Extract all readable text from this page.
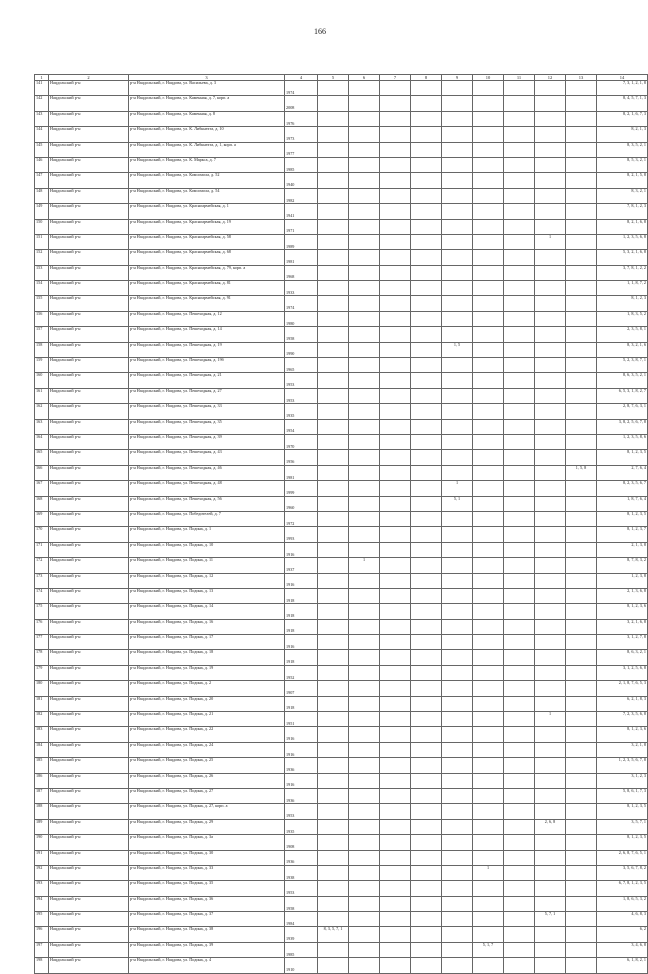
166
1	2	3	4	5	6	7	8	9	10	11	12	13	14
141	Нацдольский р-н	р-н Нацдольский, г. Нацдова, ул. Васильева, д. 3	1974										7, 3, 1, 2, 1, 8
142	Нацдольский р-н	р-н Нацдольский, г. Нацдова, ул. Каменная, д. 7, корп. а	2008										8, 4, 5, 7, 1, 3
143	Нацдольский р-н	р-н Нацдольский, г. Нацдова, ул. Каменная, д. 8	1976										8, 2, 1, 6, 7, 3
144	Нацдольский р-н	р-н Нацдольский, г. Нацдова, ул. К. Либкнехта, д. 10	1973										8, 2, 1, 3
145	Нацдольский р-н	р-н Нацдольский, г. Нацдова, ул. К. Либкнехта, д. 1, корп. а	1977										8, 3, 5, 2, 1
146	Нацдольский р-н	р-н Нацдольский, г. Нацдова, ул. К. Маркса, д. 7	1985										8, 5, 3, 2, 1
147	Нацдольский р-н	р-н Нацдольский, г. Нацдова, ул. Комсомола, д. 52	1940										8, 2, 1, 5, 8
148	Нацдольский р-н	р-н Нацдольский, г. Нацдова, ул. Комсомола, д. 54	1982										8, 3, 2, 1
149	Нацдольский р-н	р-н Нацдольский, г. Нацдова, ул. Красноармейская, д. 1	1941										7, 8, 1, 2, 3
150	Нацдольский р-н	р-н Нацдольский, г. Нацдова, ул. Красноармейская, д. 19	1971										8, 2, 1, 6, 8
151	Нацдольский р-н	р-н Нацдольский, г. Нацдова, ул. Красноармейская, д. 58	1989								1		1, 2, 3, 5, 6, 8
152	Нацдольский р-н	р-н Нацдольский, г. Нацдова, ул. Красноармейская, д. 68	1981										5, 3, 2, 1, 6, 8
153	Нацдольский р-н	р-н Нацдольский, г. Нацдова, ул. Красноармейская, д. 79, корп. а	1968										3, 7, 8, 1, 2, 2
154	Нацдольский р-н	р-н Нацдольский, г. Нацдова, ул. Красноармейская, д. 81	1933										1, 1, 8, 7, 2
155	Нацдольский р-н	р-н Нацдольский, г. Нацдова, ул. Красноармейская, д. 91	1974										8, 1, 2, 3
156	Нацдольский р-н	р-н Нацдольский, г. Нацдова, ул. Пешеходная, д. 12	1980										1, 8, 3, 5, 2
157	Нацдольский р-н	р-н Нацдольский, г. Нацдова, ул. Пешеходная, д. 14	1958										2, 3, 5, 8, 1
158	Нацдольский р-н	р-н Нацдольский, г. Нацдова, ул. Пешеходная, д. 19	1990					1, 5					8, 3, 2, 1, 6
159	Нацдольский р-н	р-н Нацдольский, г. Нацдова, ул. Пешеходная, д. 19б	1965										5, 2, 3, 8, 7, 1
160	Нацдольский р-н	р-н Нацдольский, г. Нацдова, ул. Пешеходная, д. 21	1953										8, 6, 3, 5, 2, 1
161	Нацдольский р-н	р-н Нацдольский, г. Нацдова, ул. Пешеходная, д. 27	1953										6, 5, 3, 1, 8, 2, 7
162	Нацдольский р-н	р-н Нацдольский, г. Нацдова, ул. Пешеходная, д. 33	1935										2, 8, 7, 6, 3, 1
163	Нацдольский р-н	р-н Нацдольский, г. Нацдова, ул. Пешеходная, д. 35	1954										3, 8, 2, 5, 6, 7, 8
164	Нацдольский р-н	р-н Нацдольский, г. Нацдова, ул. Пешеходная, д. 39	1970										1, 2, 3, 5, 8, 6
165	Нацдольский р-н	р-н Нацдольский, г. Нацдова, ул. Пешеходная, д. 43	1956										8, 1, 2, 3, 5
166	Нацдольский р-н	р-н Нацдольский, г. Нацдова, ул. Пешеходная, д. 46	1981									1, 5, 8	2, 7, 6, 4
167	Нацдольский р-н	р-н Нацдольский, г. Нацдова, ул. Пешеходная, д. 48	1999					1					8, 2, 3, 5, 6, 7
168	Нацдольский р-н	р-н Нацдольский, г. Нацдова, ул. Пешеходная, д. 56	1960					5, 1					1, 8, 7, 6, 4
169	Нацдольский р-н	р-н Нацдольский, г. Нацдова, ул. Победителей, д. 7	1972										8, 1, 2, 3, 5
170	Нацдольский р-н	р-н Нацдольский, г. Нацдова, ул. Подина, д. 1	1993										8, 1, 2, 3, 7
171	Нацдольский р-н	р-н Нацдольский, г. Нацдова, ул. Подина, д. 10	1916										2, 1, 3, 8
172	Нацдольский р-н	р-н Нацдольский, г. Нацдова, ул. Подина, д. 11	1937		1								8, 7, 8, 3, 2
173	Нацдольский р-н	р-н Нацдольский, г. Нацдова, ул. Подина, д. 12	1916										1, 2, 3, 8
174	Нацдольский р-н	р-н Нацдольский, г. Нацдова, ул. Подина, д. 13	1918										2, 1, 3, 6, 8
175	Нацдольский р-н	р-н Нацдольский, г. Нацдова, ул. Подина, д. 14	1918										8, 1, 2, 3, 6
176	Нацдольский р-н	р-н Нацдольский, г. Нацдова, ул. Подина, д. 16	1918										3, 2, 1, 6, 8
177	Нацдольский р-н	р-н Нацдольский, г. Нацдова, ул. Подина, д. 17	1916										3, 1, 2, 7, 8
178	Нацдольский р-н	р-н Нацдольский, г. Нацдова, ул. Подина, д. 18	1918										8, 6, 3, 2, 1
179	Нацдольский р-н	р-н Нацдольский, г. Нацдова, ул. Подина, д. 19	1952										3, 1, 2, 5, 6, 8
180	Нацдольский р-н	р-н Нацдольский, г. Нацдова, ул. Подина, д. 2	1907										2, 1, 8, 7, 6, 5, 3
181	Нацдольский р-н	р-н Нацдольский, г. Нацдова, ул. Подина, д. 20	1918										6, 2, 1, 8, 3
182	Нацдольский р-н	р-н Нацдольский, г. Нацдова, ул. Подина, д. 21	1951								1		7, 2, 3, 5, 6, 8
183	Нацдольский р-н	р-н Нацдольский, г. Нацдова, ул. Подина, д. 22	1916										8, 1, 2, 3, 6
184	Нацдольский р-н	р-н Нацдольский, г. Нацдова, ул. Подина, д. 24	1916										3, 2, 1, 8
185	Нацдольский р-н	р-н Нацдольский, г. Нацдова, ул. Подина, д. 25	1936										1, 2, 3, 5, 6, 7, 8
186	Нацдольский р-н	р-н Нацдольский, г. Нацдова, ул. Подина, д. 26	1916										3, 1, 2, 3
187	Нацдольский р-н	р-н Нацдольский, г. Нацдова, ул. Подина, д. 27	1936										5, 8, 6, 1, 7, 3
188	Нацдольский р-н	р-н Нацдольский, г. Нацдова, ул. Подина, д. 27, корп. а	1953										8, 1, 2, 3, 5
189	Нацдольский р-н	р-н Нацдольский, г. Нацдова, ул. Подина, д. 29	1935								2, 6, 8		3, 5, 7, 1
190	Нацдольский р-н	р-н Нацдольский, г. Нацдова, ул. Подина, д. 3а	1908										8, 1, 2, 3, 5
191	Нацдольский р-н	р-н Нацдольский, г. Нацдова, ул. Подина, д. 30	1936										2, 6, 8, 7, 6, 5, 1
192	Нацдольский р-н	р-н Нацдольский, г. Нацдова, ул. Подина, д. 33	1938						1				3, 5, 6, 7, 8, 2
193	Нацдольский р-н	р-н Нацдольский, г. Нацдова, ул. Подина, д. 35	1953										6, 7, 8, 1, 2, 3, 5
194	Нацдольский р-н	р-н Нацдольский, г. Нацдова, ул. Подина, д. 36	1958										1, 8, 6, 5, 3, 2
195	Нацдольский р-н	р-н Нацдольский, г. Нацдова, ул. Подина, д. 37	1984								5, 7, 1		4, 6, 8, 3
196	Нацдольский р-н	р-н Нацдольский, г. Нацдова, ул. Подина, д. 38	1939	8, 3, 5, 7, 1									6, 2
197	Нацдольский р-н	р-н Нацдольский, г. Нацдова, ул. Подина, д. 39	1985						5, 1, 7				3, 4, 6, 8
198	Нацдольский р-н	р-н Нацдольский, г. Нацдова, ул. Подина, д. 4	1910										6, 1, 8, 2, 1
